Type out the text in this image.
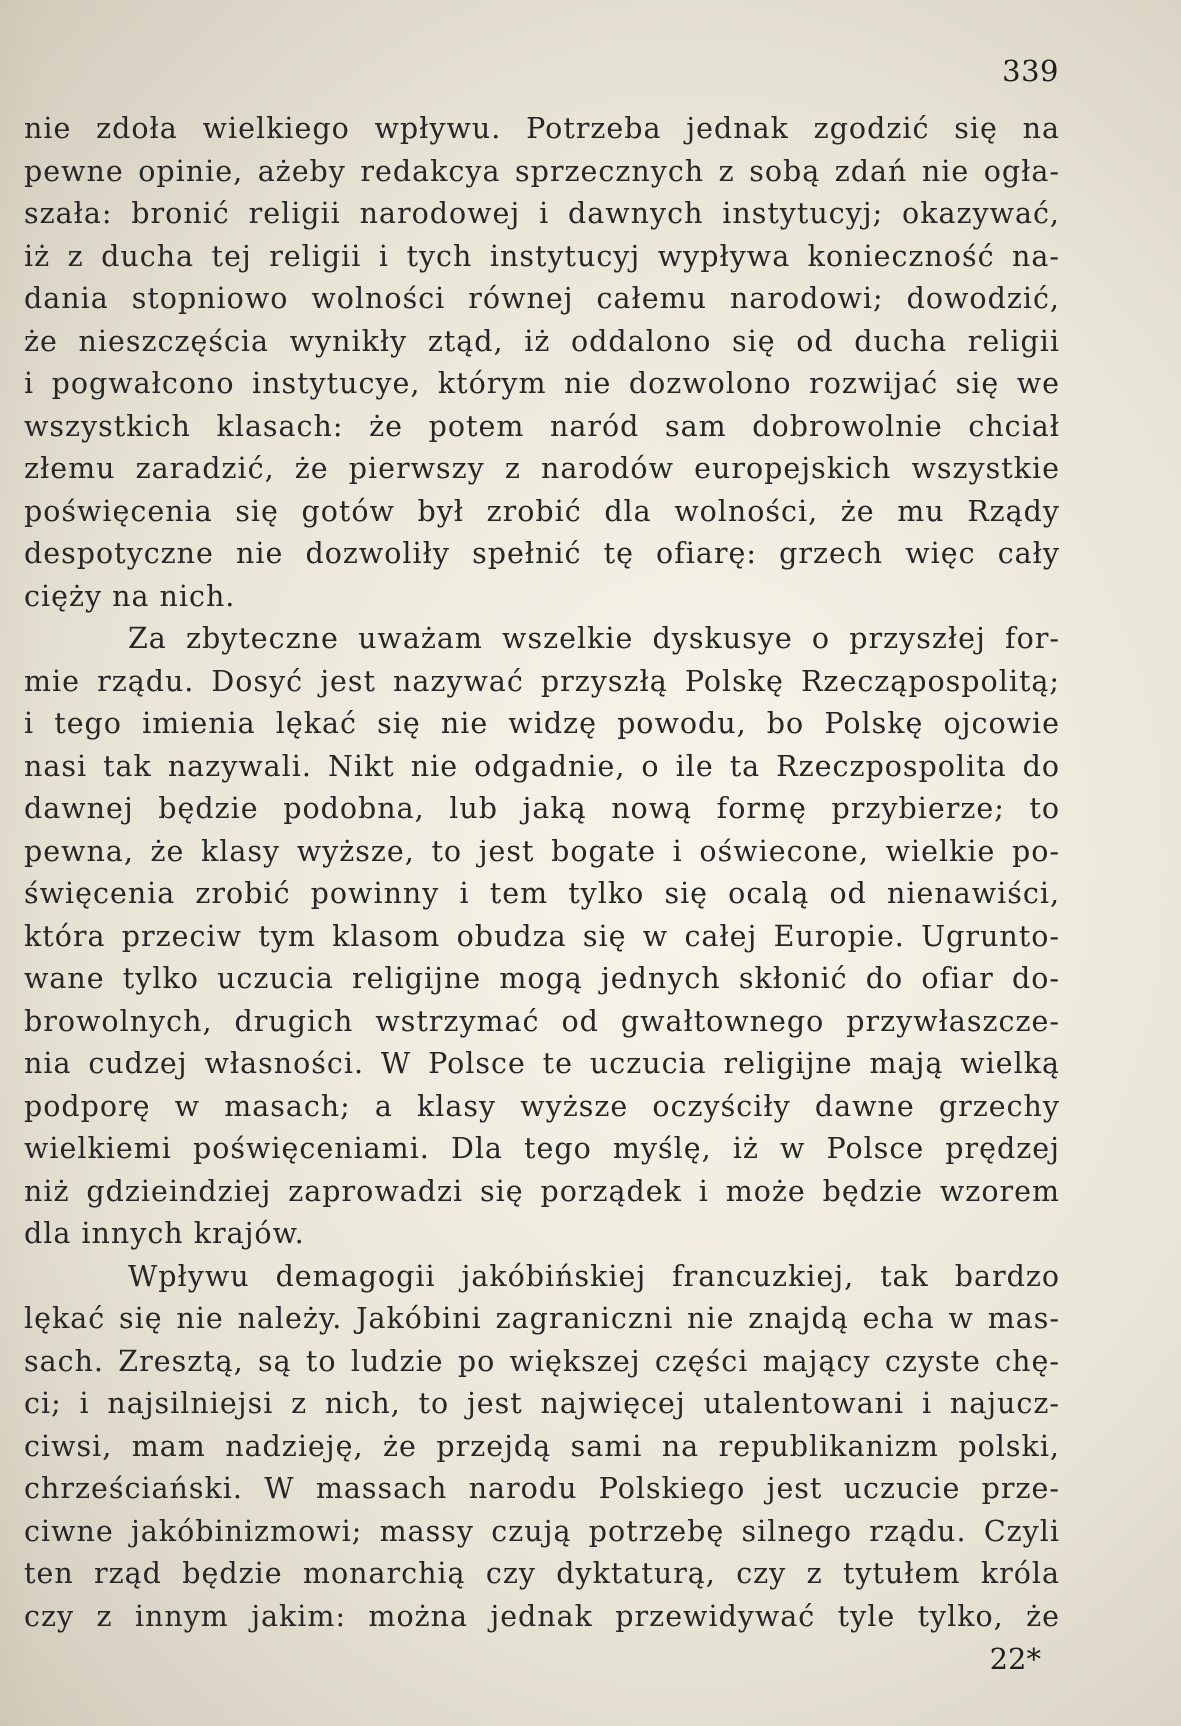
339
nie zdoła wielkiego wpływu. Potrzeba jednak zgodzić się na
pewne opinie, ażeby redakcya sprzecznych z sobą zdań nie ogła-
szała: bronić religii narodowej i dawnych instytucyj; okazywać,
iż z ducha tej religii i tych instytucyj wypływa konieczność na-
dania stopniowo wolności równej całemu narodowi; dowodzić,
że nieszczęścia wynikły ztąd, iż oddalono się od ducha religii
i pogwałcono instytucye, którym nie dozwolono rozwijać się we
wszystkich klasach: że potem naród sam dobrowolnie chciał
złemu zaradzić, że pierwszy z narodów europejskich wszystkie
poświęcenia się gotów był zrobić dla wolności, że mu Rządy
despotyczne nie dozwoliły spełnić tę ofiarę: grzech więc cały
cięży na nich.
Za zbyteczne uważam wszelkie dyskusye o przyszłej for-
mie rządu. Dosyć jest nazywać przyszłą Polskę Rzecząpospolitą;
i tego imienia lękać się nie widzę powodu, bo Polskę ojcowie
nasi tak nazywali. Nikt nie odgadnie, o ile ta Rzeczpospolita do
dawnej będzie podobna, lub jaką nową formę przybierze; to
pewna, że klasy wyższe, to jest bogate i oświecone, wielkie po-
święcenia zrobić powinny i tem tylko się ocalą od nienawiści,
która przeciw tym klasom obudza się w całej Europie. Ugrunto-
wane tylko uczucia religijne mogą jednych skłonić do ofiar do-
browolnych, drugich wstrzymać od gwałtownego przywłaszcze-
nia cudzej własności. W Polsce te uczucia religijne mają wielką
podporę w masach; a klasy wyższe oczyściły dawne grzechy
wielkiemi poświęceniami. Dla tego myślę, iż w Polsce prędzej
niż gdzieindziej zaprowadzi się porządek i może będzie wzorem
dla innych krajów.
Wpływu demagogii jakóbińskiej francuzkiej, tak bardzo
lękać się nie należy. Jakóbini zagraniczni nie znajdą echa w mas-
sach. Zresztą, są to ludzie po większej części mający czyste chę-
ci; i najsilniejsi z nich, to jest najwięcej utalentowani i najucz-
ciwsi, mam nadzieję, że przejdą sami na republikanizm polski,
chrześciański. W massach narodu Polskiego jest uczucie prze-
ciwne jakóbinizmowi; massy czują potrzebę silnego rządu. Czyli
ten rząd będzie monarchią czy dyktaturą, czy z tytułem króla
czy z innym jakim: można jednak przewidywać tyle tylko, że
22*
